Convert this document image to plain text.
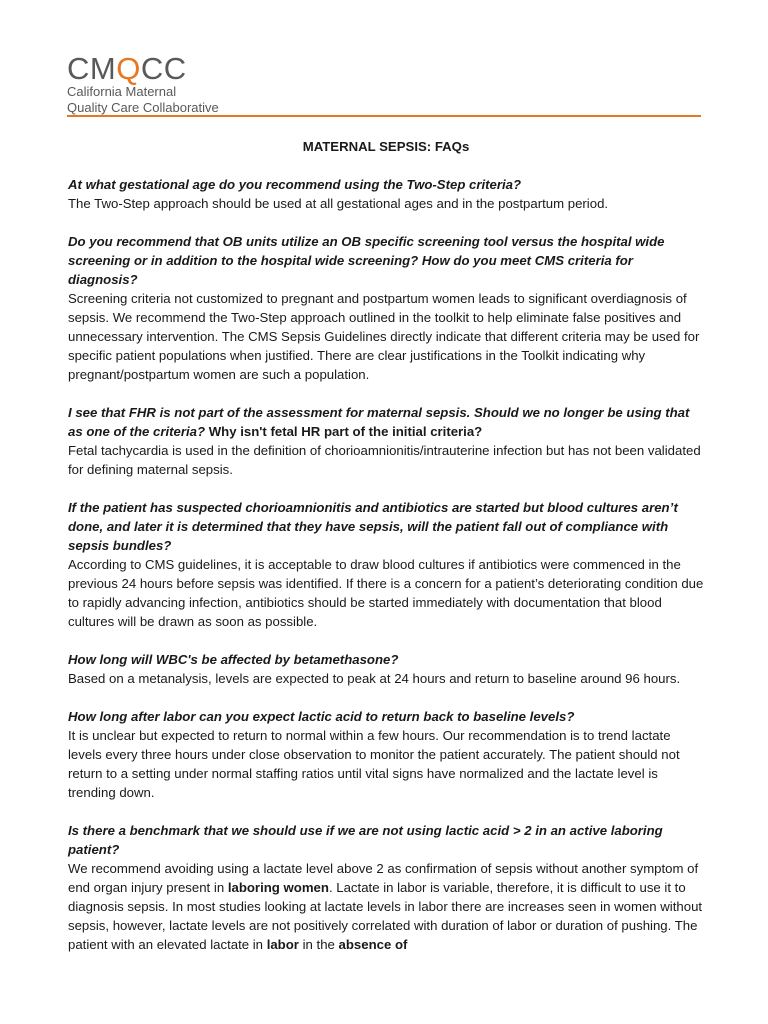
CMQCC
California Maternal
Quality Care Collaborative

MATERNAL SEPSIS: FAQs

At what gestational age do you recommend using the Two-Step criteria?

The Two-Step approach should be used at all gestational ages and in the postpartum period.

Do you recommend that OB units utilize an OB specific screening tool versus the hospital wide screening or in addition to the hospital wide screening? How do you meet CMS criteria for diagnosis?

Screening criteria not customized to pregnant and postpartum women leads to significant overdiagnosis of sepsis. We recommend the Two-Step approach outlined in the toolkit to help eliminate false positives and unnecessary intervention. The CMS Sepsis Guidelines directly indicate that different criteria may be used for specific patient populations when justified. There are clear justifications in the Toolkit indicating why pregnant/postpartum women are such a population.

I see that FHR is not part of the assessment for maternal sepsis. Should we no longer be using that as one of the criteria? Why isn't fetal HR part of the initial criteria?

Fetal tachycardia is used in the definition of chorioamnionitis/intrauterine infection but has not been validated for defining maternal sepsis.

If the patient has suspected chorioamnionitis and antibiotics are started but blood cultures aren’t done, and later it is determined that they have sepsis, will the patient fall out of compliance with sepsis bundles?

According to CMS guidelines, it is acceptable to draw blood cultures if antibiotics were commenced in the previous 24 hours before sepsis was identified. If there is a concern for a patient’s deteriorating condition due to rapidly advancing infection, antibiotics should be started immediately with documentation that blood cultures will be drawn as soon as possible.

How long will WBC's be affected by betamethasone?

Based on a metanalysis, levels are expected to peak at 24 hours and return to baseline around 96 hours.

How long after labor can you expect lactic acid to return back to baseline levels?

It is unclear but expected to return to normal within a few hours. Our recommendation is to trend lactate levels every three hours under close observation to monitor the patient accurately. The patient should not return to a setting under normal staffing ratios until vital signs have normalized and the lactate level is trending down.

Is there a benchmark that we should use if we are not using lactic acid > 2 in an active laboring patient?

We recommend avoiding using a lactate level above 2 as confirmation of sepsis without another symptom of end organ injury present in laboring women. Lactate in labor is variable, therefore, it is difficult to use it to diagnosis sepsis. In most studies looking at lactate levels in labor there are increases seen in women without sepsis, however, lactate levels are not positively correlated with duration of labor or duration of pushing. The patient with an elevated lactate in labor in the absence of
